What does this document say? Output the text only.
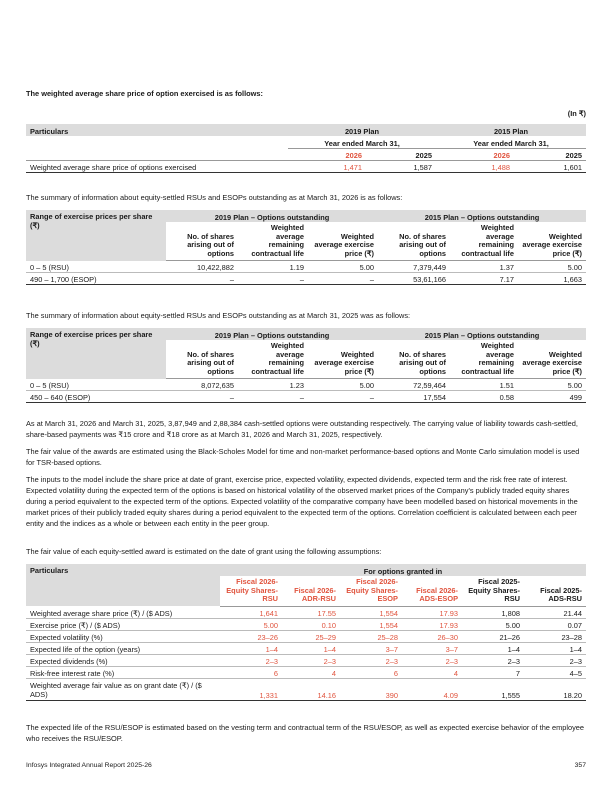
The weighted average share price of option exercised is as follows:
(In ₹)
Particulars	2019 Plan		2015 Plan	
	Year ended March 31,		Year ended March 31,	
	2026	2025	2026	2025
Weighted average share price of options exercised	1,471	1,587	1,488	1,601
The summary of information about equity-settled RSUs and ESOPs outstanding as at March 31, 2026 is as follows:
Range of exercise prices per share (₹)	2019 Plan – Options outstanding			2015 Plan – Options outstanding		
	No. of shares arising out of options	Weighted average remaining contractual life	Weighted average exercise price (₹)	No. of shares arising out of options	Weighted average remaining contractual life	Weighted average exercise price (₹)
0 – 5 (RSU)	10,422,882	1.19	5.00	7,379,449	1.37	5.00
490 – 1,700 (ESOP)	–	–	–	53,61,166	7.17	1,663
The summary of information about equity-settled RSUs and ESOPs outstanding as at March 31, 2025 was as follows:
Range of exercise prices per share (₹)	2019 Plan – Options outstanding			2015 Plan – Options outstanding		
	No. of shares arising out of options	Weighted average remaining contractual life	Weighted average exercise price (₹)	No. of shares arising out of options	Weighted average remaining contractual life	Weighted average exercise price (₹)
0 – 5 (RSU)	8,072,635	1.23	5.00	72,59,464	1.51	5.00
450 – 640 (ESOP)	–	–	–	17,554	0.58	499
As at March 31, 2026 and March 31, 2025, 3,87,949 and 2,88,384 cash-settled options were outstanding respectively. The carrying value of liability towards cash-settled, share-based payments was ₹15 crore and ₹18 crore as at March 31, 2026 and March 31, 2025, respectively.
The fair value of the awards are estimated using the Black-Scholes Model for time and non-market performance-based options and Monte Carlo simulation model is used for TSR-based options.
The inputs to the model include the share price at date of grant, exercise price, expected volatility, expected dividends, expected term and the risk free rate of interest. Expected volatility during the expected term of the options is based on historical volatility of the observed market prices of the Company's publicly traded equity shares during a period equivalent to the expected term of the options. Expected volatility of the comparative company have been modelled based on historical movements in the market prices of their publicly traded equity shares during a period equivalent to the expected term of the options. Correlation coefficient is calculated between each peer entity and the indices as a whole or between each entity in the peer group.
The fair value of each equity-settled award is estimated on the date of grant using the following assumptions:
Particulars	For options granted in					
	Fiscal 2026- Equity Shares-RSU	Fiscal 2026- ADR-RSU	Fiscal 2026- Equity Shares-ESOP	Fiscal 2026- ADS-ESOP	Fiscal 2025- Equity Shares-RSU	Fiscal 2025- ADS-RSU
Weighted average share price (₹) / ($ ADS)	1,641	17.55	1,554	17.93	1,808	21.44
Exercise price (₹) / ($ ADS)	5.00	0.10	1,554	17.93	5.00	0.07
Expected volatility (%)	23–26	25–29	25–28	26–30	21–26	23–28
Expected life of the option (years)	1–4	1–4	3–7	3–7	1–4	1–4
Expected dividends (%)	2–3	2–3	2–3	2–3	2–3	2–3
Risk-free interest rate (%)	6	4	6	4	7	4–5
Weighted average fair value as on grant date (₹) / ($ ADS)	1,331	14.16	390	4.09	1,555	18.20
The expected life of the RSU/ESOP is estimated based on the vesting term and contractual term of the RSU/ESOP, as well as expected exercise behavior of the employee who receives the RSU/ESOP.
Infosys Integrated Annual Report 2025-26	357
